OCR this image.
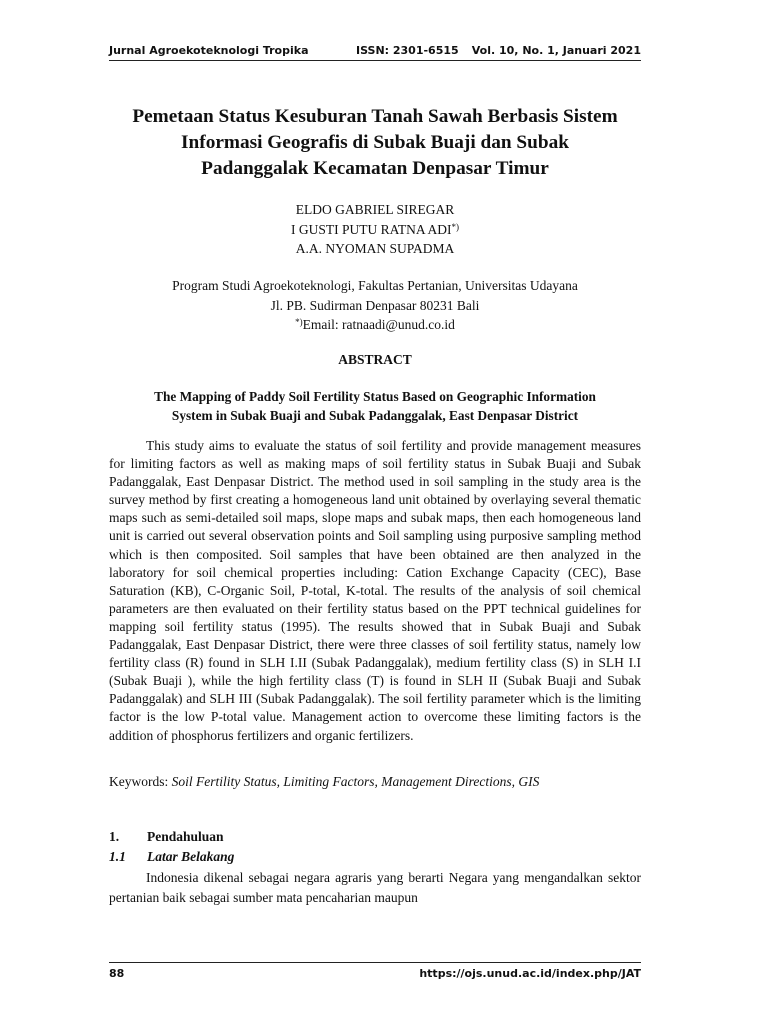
Jurnal Agroekoteknologi Tropika	ISSN: 2301-6515 Vol. 10, No. 1, Januari 2021
Pemetaan Status Kesuburan Tanah Sawah Berbasis Sistem
Informasi Geografis di Subak Buaji dan Subak
Padanggalak Kecamatan Denpasar Timur
ELDO GABRIEL SIREGAR
I GUSTI PUTU RATNA ADI*)
A.A. NYOMAN SUPADMA
Program Studi Agroekoteknologi, Fakultas Pertanian, Universitas Udayana
Jl. PB. Sudirman Denpasar 80231 Bali
*)Email: ratnaadi@unud.co.id
ABSTRACT
The Mapping of Paddy Soil Fertility Status Based on Geographic Information
System in Subak Buaji and Subak Padanggalak, East Denpasar District

This study aims to evaluate the status of soil fertility and provide management measures for limiting factors as well as making maps of soil fertility status in Subak Buaji and Subak Padanggalak, East Denpasar District. The method used in soil sampling in the study area is the survey method by first creating a homogeneous land unit obtained by overlaying several thematic maps such as semi-detailed soil maps, slope maps and subak maps, then each homogeneous land unit is carried out several observation points and Soil sampling using purposive sampling method which is then composited. Soil samples that have been obtained are then analyzed in the laboratory for soil chemical properties including: Cation Exchange Capacity (CEC), Base Saturation (KB), C-Organic Soil, P-total, K-total. The results of the analysis of soil chemical parameters are then evaluated on their fertility status based on the PPT technical guidelines for mapping soil fertility status (1995). The results showed that in Subak Buaji and Subak Padanggalak, East Denpasar District, there were three classes of soil fertility status, namely low fertility class (R) found in SLH I.II (Subak Padanggalak), medium fertility class (S) in SLH I.I (Subak Buaji ), while the high fertility class (T) is found in SLH II (Subak Buaji and Subak Padanggalak) and SLH III (Subak Padanggalak). The soil fertility parameter which is the limiting factor is the low P-total value. Management action to overcome these limiting factors is the addition of phosphorus fertilizers and organic fertilizers.

Keywords: Soil Fertility Status, Limiting Factors, Management Directions, GIS
1. Pendahuluan
1.1 Latar Belakang

Indonesia dikenal sebagai negara agraris yang berarti Negara yang mengandalkan sektor pertanian baik sebagai sumber mata pencaharian maupun

88	https://ojs.unud.ac.id/index.php/JAT
